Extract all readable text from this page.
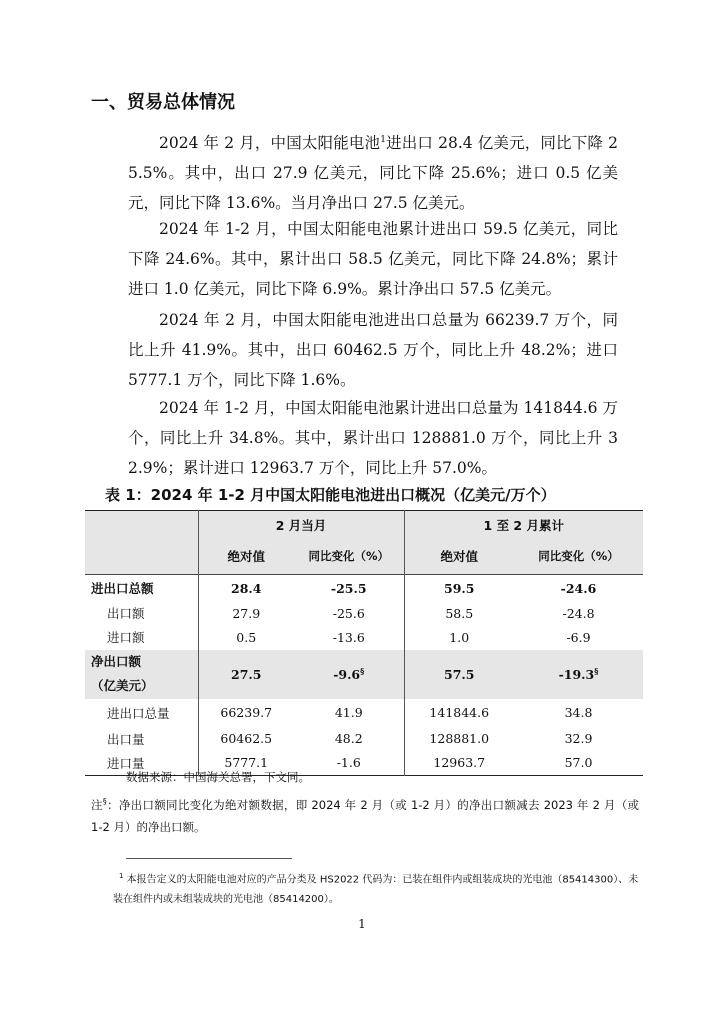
一、贸易总体情况

2024 年 2 月，中国太阳能电池$^1$进出口 28.4 亿美元，同比下降 25.5%。其中，出口 27.9 亿美元，同比下降 25.6%；进口 0.5 亿美元，同比下降 13.6%。当月净出口 27.5 亿美元。

2024 年 1-2 月，中国太阳能电池累计进出口 59.5 亿美元，同比下降 24.6%。其中，累计出口 58.5 亿美元，同比下降 24.8%；累计进口 1.0 亿美元，同比下降 6.9%。累计净出口 57.5 亿美元。

2024 年 2 月，中国太阳能电池进出口总量为 66239.7 万个，同比上升 41.9%。其中，出口 60462.5 万个，同比上升 48.2%；进口 5777.1 万个，同比下降 1.6%。

2024 年 1-2 月，中国太阳能电池累计进出口总量为 141844.6 万个，同比上升 34.8%。其中，累计出口 128881.0 万个，同比上升 32.9%；累计进口 12963.7 万个，同比上升 57.0%。

表 1：2024 年 1-2 月中国太阳能电池进出口概况（亿美元/万个）

	2 月当月		1 至 2 月累计	
	绝对值	同比变化（%）	绝对值	同比变化（%）
进出口总额	28.4	-25.5	59.5	-24.6
出口额	27.9	-25.6	58.5	-24.8
进口额	0.5	-13.6	1.0	-6.9
净出口额
（亿美元）	27.5	-9.6§	57.5	-19.3§
进出口总量	66239.7	41.9	141844.6	34.8
出口量	60462.5	48.2	128881.0	32.9
进口量	5777.1	-1.6	12963.7	57.0

数据来源：中国海关总署，下文同。

注§：净出口额同比变化为绝对额数据，即 2024 年 2 月（或 1-2 月）的净出口额减去 2023 年 2 月（或 1-2 月）的净出口额。

$^1$ 本报告定义的太阳能电池对应的产品分类及 HS2022 代码为：已装在组件内或组装成块的光电池（85414300）、未装在组件内或未组装成块的光电池（85414200）。

1
